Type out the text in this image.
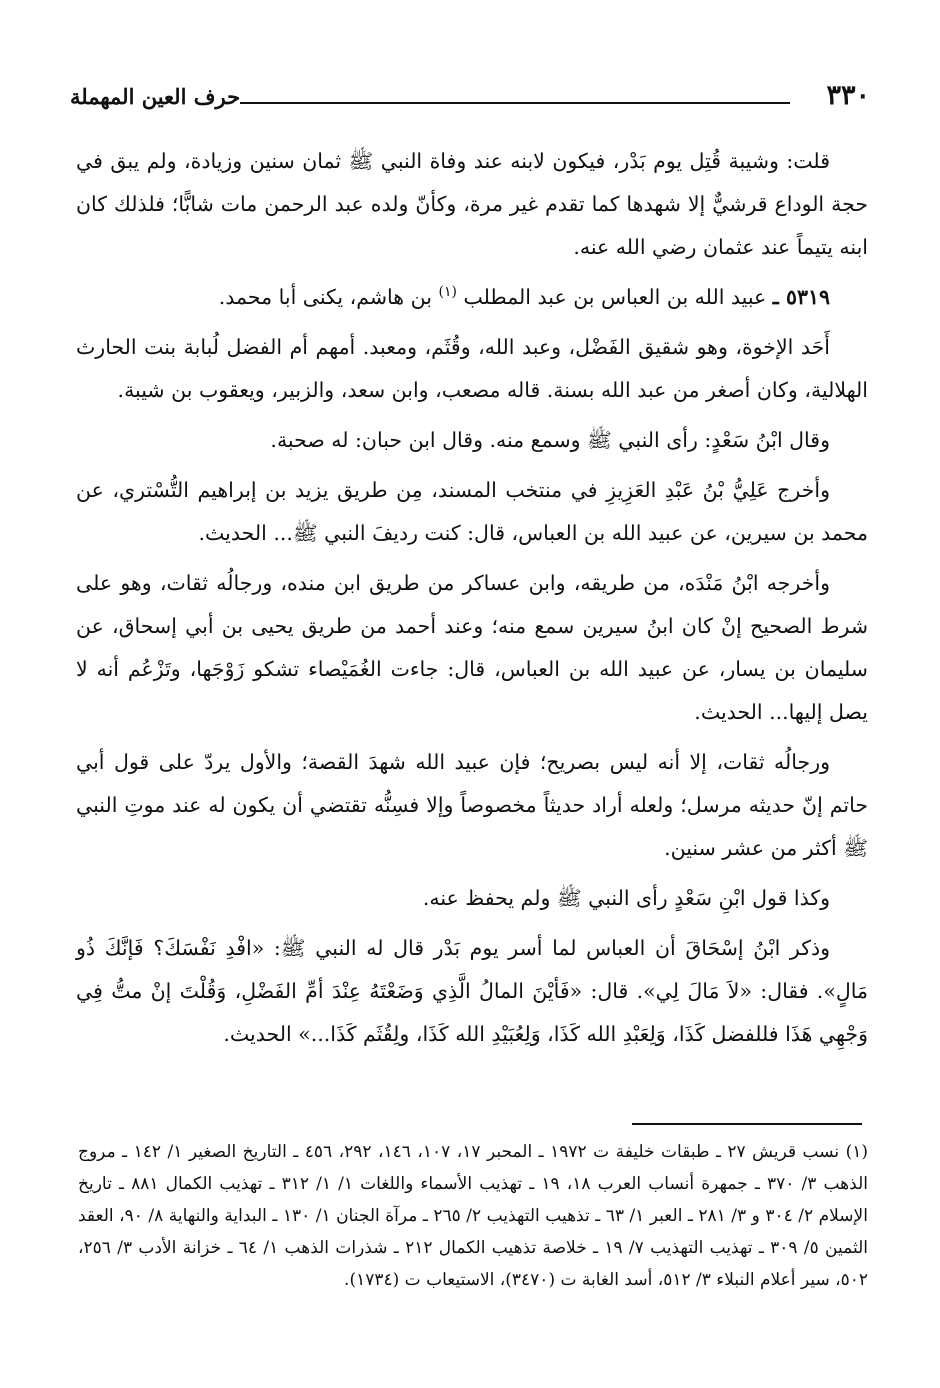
٣٣٠
حرف العين المهملة

قلت: وشيبة قُتِل يوم بَدْر، فيكون لابنه عند وفاة النبي ﷺ ثمان سنين وزيادة، ولم يبق في حجة الوداع قرشيٌّ إلا شهدها كما تقدم غير مرة، وكأنّ ولده عبد الرحمن مات شابًّا؛ فلذلك كان ابنه يتيماً عند عثمان رضي الله عنه.

٥٣١٩ ـ عبيد الله بن العباس بن عبد المطلب $^{(١)}$ بن هاشم، يكنى أبا محمد.

أَحَد الإخوة، وهو شقيق الفَضْل، وعبد الله، وقُثَم، ومعبد. أمهم أم الفضل لُبابة بنت الحارث الهلالية، وكان أصغر من عبد الله بسنة. قاله مصعب، وابن سعد، والزبير، ويعقوب بن شيبة.

وقال ابْنُ سَعْدٍ: رأى النبي ﷺ وسمع منه. وقال ابن حبان: له صحبة.

وأخرج عَلِيُّ بْنُ عَبْدِ العَزِيزِ في منتخب المسند، مِن طريق يزيد بن إبراهيم التُّسْتري، عن محمد بن سيرين، عن عبيد الله بن العباس، قال: كنت رديفَ النبي ﷺ... الحديث.

وأخرجه ابْنُ مَنْدَه، من طريقه، وابن عساكر من طريق ابن منده، ورجالُه ثقات، وهو على شرط الصحيح إنْ كان ابنُ سيرين سمع منه؛ وعند أحمد من طريق يحيى بن أبي إسحاق، عن سليمان بن يسار، عن عبيد الله بن العباس، قال: جاءت الغُمَيْصاء تشكو زَوْجَها، وتَزْعُم أنه لا يصل إليها... الحديث.

ورجالُه ثقات، إلا أنه ليس بصريح؛ فإن عبيد الله شهدَ القصة؛ والأول يردّ على قول أبي حاتم إنّ حديثه مرسل؛ ولعله أراد حديثاً مخصوصاً وإلا فسِنُّه تقتضي أن يكون له عند موتِ النبي ﷺ أكثر من عشر سنين.

وكذا قول ابْنِ سَعْدٍ رأى النبي ﷺ ولم يحفظ عنه.

وذكر ابْنُ إسْحَاقَ أن العباس لما أسر يوم بَدْر قال له النبي ﷺ: «افْدِ نَفْسَكَ؟ فَإنَّكَ ذُو مَالٍ». فقال: «لاَ مَالَ لِي». قال: «فَأيْنَ المالُ الَّذِي وَضَعْتَهُ عِنْدَ أمِّ الفَضْلِ، وَقُلْتَ إنْ متُّ فِي وَجْهِي هَذَا فللفضل كَذَا، وَلِعَبْدِ الله كَذَا، وَلِعُبَيْدِ الله كَذَا، ولِقُثَم كَذَا...» الحديث.

(١) نسب قريش ٢٧ ـ طبقات خليفة ت ١٩٧٢ ـ المحبر ١٧، ١٠٧، ١٤٦، ٢٩٢، ٤٥٦ ـ التاريخ الصغير ١/ ١٤٢ ـ مروج الذهب ٣/ ٣٧٠ ـ جمهرة أنساب العرب ١٨، ١٩ ـ تهذيب الأسماء واللغات ١/ ١/ ٣١٢ ـ تهذيب الكمال ٨٨١ ـ تاريخ الإسلام ٢/ ٣٠٤ و ٣/ ٢٨١ ـ العبر ١/ ٦٣ ـ تذهيب التهذيب ٢/ ٢٦٥ ـ مرآة الجنان ١/ ١٣٠ ـ البداية والنهاية ٨/ ٩٠، العقد الثمين ٥/ ٣٠٩ ـ تهذيب التهذيب ٧/ ١٩ ـ خلاصة تذهيب الكمال ٢١٢ ـ شذرات الذهب ١/ ٦٤ ـ خزانة الأدب ٣/ ٢٥٦، ٥٠٢، سير أعلام النبلاء ٣/ ٥١٢، أسد الغابة ت (٣٤٧٠)، الاستيعاب ت (١٧٣٤).
